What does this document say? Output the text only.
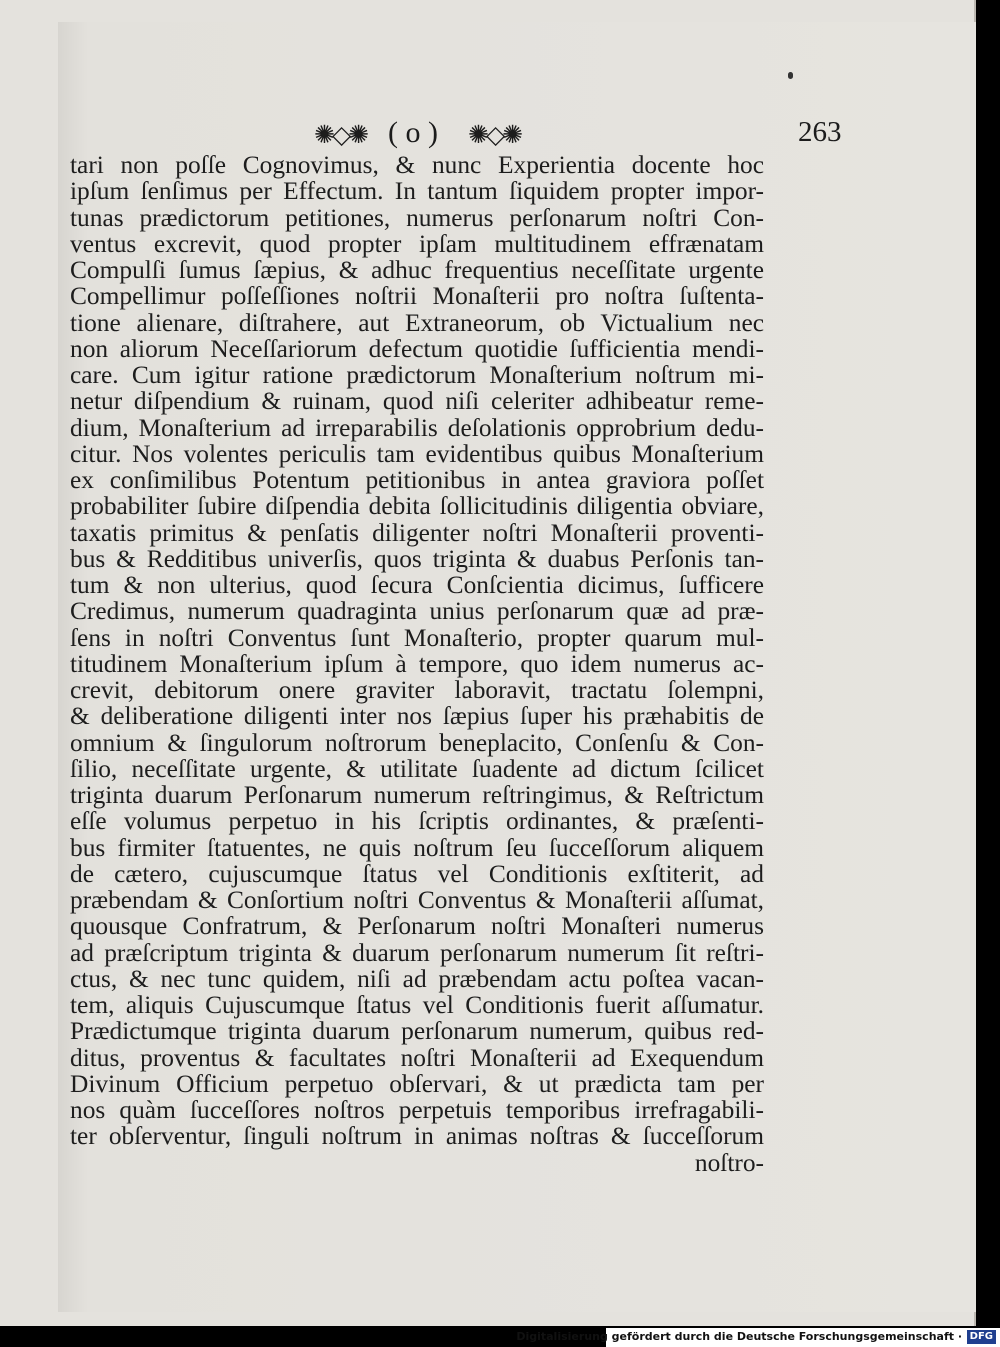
✺◇✺ ( o ) ✺◇✺	263
tari non poſſe Cognovimus, & nunc Experientia docente hoc
ipſum ſenſimus per Effectum. In tantum ſiquidem propter impor-
tunas prædictorum petitiones, numerus perſonarum noſtri Con-
ventus excrevit, quod propter ipſam multitudinem effrænatam
Compulſi ſumus ſæpius, & adhuc frequentius neceſſitate urgente
Compellimur poſſeſſiones noſtrii Monaſterii pro noſtra ſuſtenta-
tione alienare, diſtrahere, aut Extraneorum, ob Victualium nec
non aliorum Neceſſariorum defectum quotidie ſufficientia mendi-
care. Cum igitur ratione prædictorum Monaſterium noſtrum mi-
netur diſpendium & ruinam, quod niſi celeriter adhibeatur reme-
dium, Monaſterium ad irreparabilis deſolationis opprobrium dedu-
citur. Nos volentes periculis tam evidentibus quibus Monaſterium
ex conſimilibus Potentum petitionibus in antea graviora poſſet
probabiliter ſubire diſpendia debita ſollicitudinis diligentia obviare,
taxatis primitus & penſatis diligenter noſtri Monaſterii proventi-
bus & Redditibus univerſis, quos triginta & duabus Perſonis tan-
tum & non ulterius, quod ſecura Conſcientia dicimus, ſufficere
Credimus, numerum quadraginta unius perſonarum quæ ad præ-
ſens in noſtri Conventus ſunt Monaſterio, propter quarum mul-
titudinem Monaſterium ipſum à tempore, quo idem numerus ac-
crevit, debitorum onere graviter laboravit, tractatu ſolempni,
& deliberatione diligenti inter nos ſæpius ſuper his præhabitis de
omnium & ſingulorum noſtrorum beneplacito, Conſenſu & Con-
ſilio, neceſſitate urgente, & utilitate ſuadente ad dictum ſcilicet
triginta duarum Perſonarum numerum reſtringimus, & Reſtrictum
eſſe volumus perpetuo in his ſcriptis ordinantes, & præſenti-
bus firmiter ſtatuentes, ne quis noſtrum ſeu ſucceſſorum aliquem
de cætero, cujuscumque ſtatus vel Conditionis exſtiterit, ad
præbendam & Conſortium noſtri Conventus & Monaſterii aſſumat,
quousque Confratrum, & Perſonarum noſtri Monaſteri numerus
ad præſcriptum triginta & duarum perſonarum numerum ſit reſtri-
ctus, & nec tunc quidem, niſi ad præbendam actu poſtea vacan-
tem, aliquis Cujuscumque ſtatus vel Conditionis fuerit aſſumatur.
Prædictumque triginta duarum perſonarum numerum, quibus red-
ditus, proventus & facultates noſtri Monaſterii ad Exequendum
Divinum Officium perpetuo obſervari, & ut prædicta tam per
nos quàm ſucceſſores noſtros perpetuis temporibus irrefragabili-
ter obſerventur, ſinguli noſtrum in animas noſtras & ſucceſſorum
noſtro-
Digitalisierung gefördert durch die Deutsche Forschungsgemeinschaft · DFG
